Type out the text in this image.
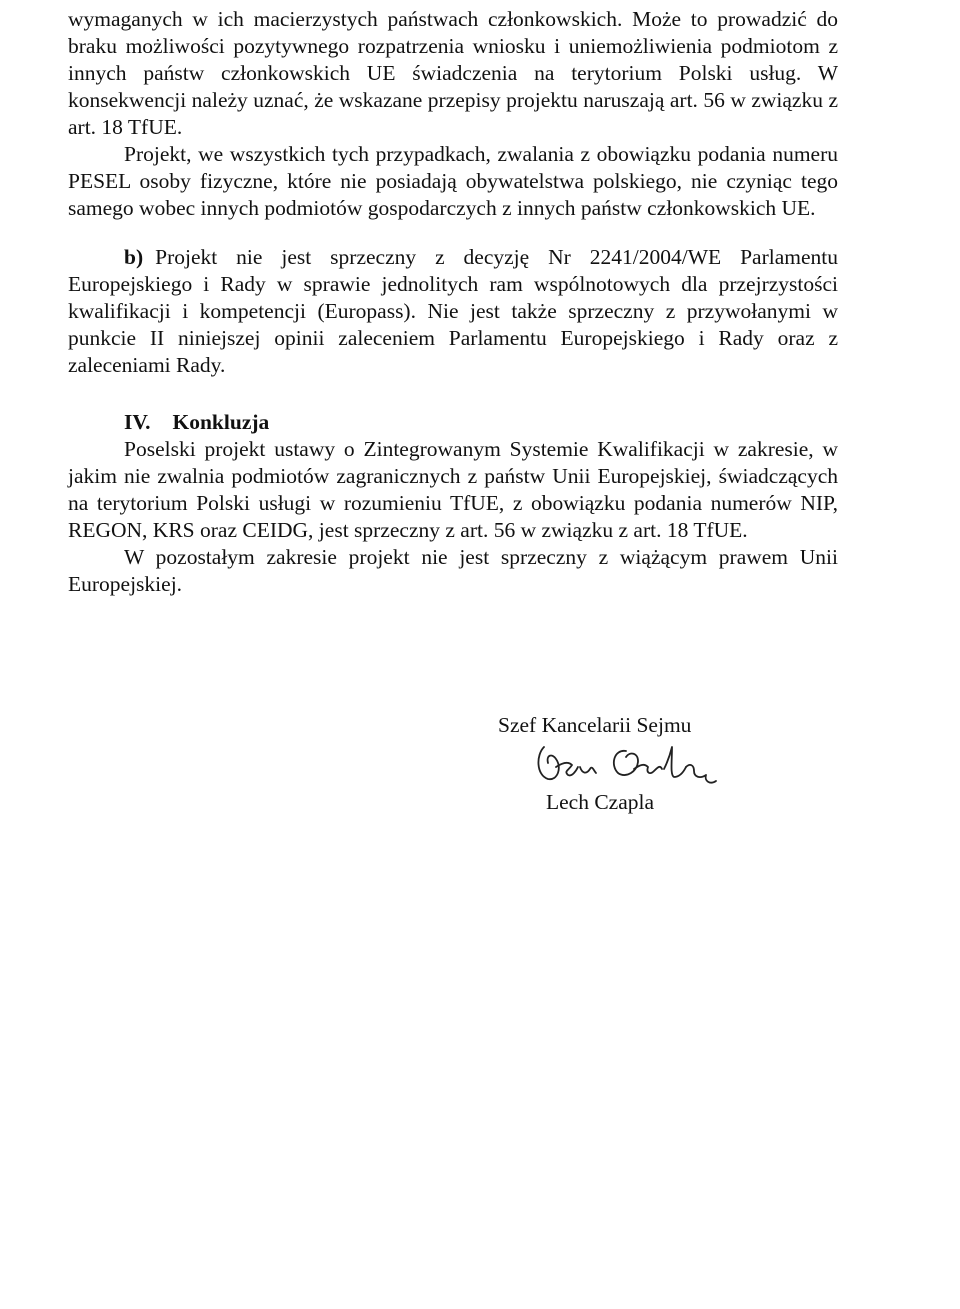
wymaganych w ich macierzystych państwach członkowskich. Może to prowadzić do braku możliwości pozytywnego rozpatrzenia wniosku i uniemożliwienia podmiotom z innych państw członkowskich UE świadczenia na terytorium Polski usług. W konsekwencji należy uznać, że wskazane przepisy projektu naruszają art. 56 w związku z art. 18 TfUE.

Projekt, we wszystkich tych przypadkach, zwalania z obowiązku podania numeru PESEL osoby fizyczne, które nie posiadają obywatelstwa polskiego, nie czyniąc tego samego wobec innych podmiotów gospodarczych z innych państw członkowskich UE.

b) Projekt nie jest sprzeczny z decyzję Nr 2241/2004/WE Parlamentu Europejskiego i Rady w sprawie jednolitych ram wspólnotowych dla przejrzystości kwalifikacji i kompetencji (Europass). Nie jest także sprzeczny z przywołanymi w punkcie II niniejszej opinii zaleceniem Parlamentu Europejskiego i Rady oraz z zaleceniami Rady.

IV. Konkluzja

Poselski projekt ustawy o Zintegrowanym Systemie Kwalifikacji w zakresie, w jakim nie zwalnia podmiotów zagranicznych z państw Unii Europejskiej, świadczących na terytorium Polski usługi w rozumieniu TfUE, z obowiązku podania numerów NIP, REGON, KRS oraz CEIDG, jest sprzeczny z art. 56 w związku z art. 18 TfUE.

W pozostałym zakresie projekt nie jest sprzeczny z wiążącym prawem Unii Europejskiej.

Szef Kancelarii Sejmu
Lech Czapla
